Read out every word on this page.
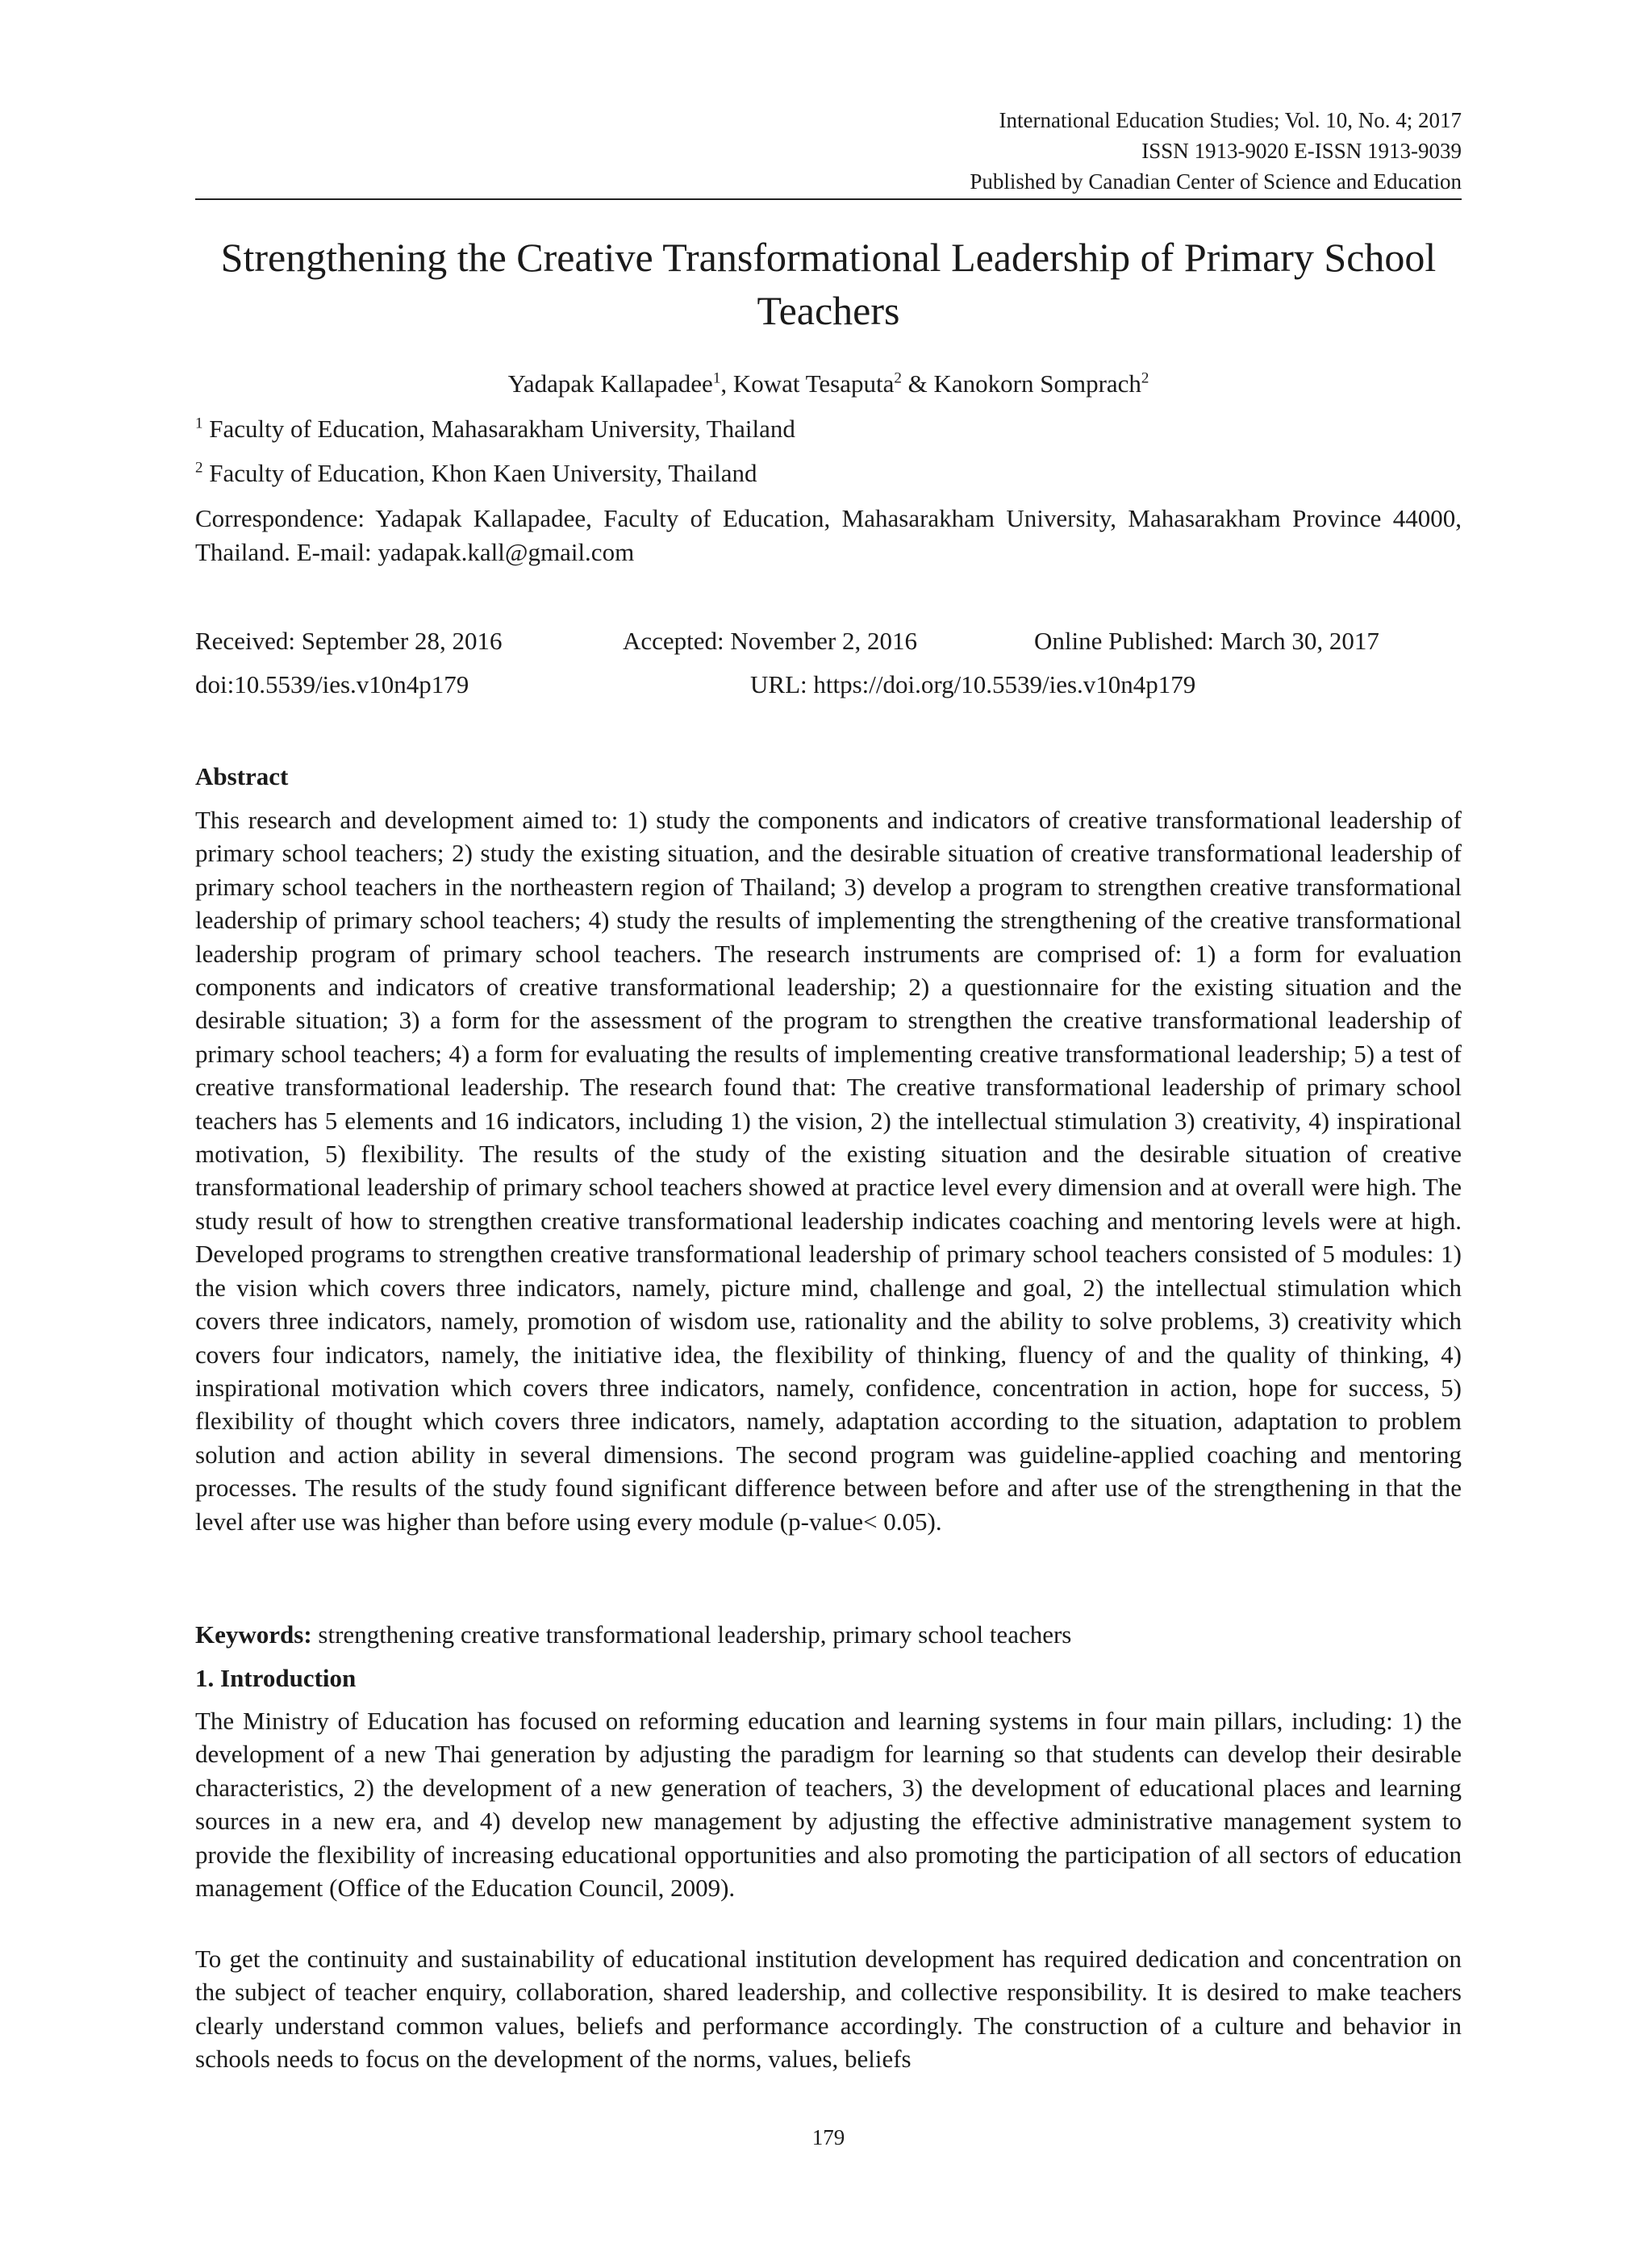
International Education Studies; Vol. 10, No. 4; 2017
ISSN 1913-9020 E-ISSN 1913-9039
Published by Canadian Center of Science and Education
Strengthening the Creative Transformational Leadership of Primary School Teachers
Yadapak Kallapadee$^1$, Kowat Tesaputa$^2$ & Kanokorn Somprach$^2$
$^1$ Faculty of Education, Mahasarakham University, Thailand
$^2$ Faculty of Education, Khon Kaen University, Thailand
Correspondence: Yadapak Kallapadee, Faculty of Education, Mahasarakham University, Mahasarakham Province 44000, Thailand. E-mail: yadapak.kall@gmail.com
Received: September 28, 2016	Accepted: November 2, 2016	Online Published: March 30, 2017
doi:10.5539/ies.v10n4p179	URL: https://doi.org/10.5539/ies.v10n4p179
Abstract
This research and development aimed to: 1) study the components and indicators of creative transformational leadership of primary school teachers; 2) study the existing situation, and the desirable situation of creative transformational leadership of primary school teachers in the northeastern region of Thailand; 3) develop a program to strengthen creative transformational leadership of primary school teachers; 4) study the results of implementing the strengthening of the creative transformational leadership program of primary school teachers. The research instruments are comprised of: 1) a form for evaluation components and indicators of creative transformational leadership; 2) a questionnaire for the existing situation and the desirable situation; 3) a form for the assessment of the program to strengthen the creative transformational leadership of primary school teachers; 4) a form for evaluating the results of implementing creative transformational leadership; 5) a test of creative transformational leadership. The research found that: The creative transformational leadership of primary school teachers has 5 elements and 16 indicators, including 1) the vision, 2) the intellectual stimulation 3) creativity, 4) inspirational motivation, 5) flexibility. The results of the study of the existing situation and the desirable situation of creative transformational leadership of primary school teachers showed at practice level every dimension and at overall were high. The study result of how to strengthen creative transformational leadership indicates coaching and mentoring levels were at high. Developed programs to strengthen creative transformational leadership of primary school teachers consisted of 5 modules: 1) the vision which covers three indicators, namely, picture mind, challenge and goal, 2) the intellectual stimulation which covers three indicators, namely, promotion of wisdom use, rationality and the ability to solve problems, 3) creativity which covers four indicators, namely, the initiative idea, the flexibility of thinking, fluency of and the quality of thinking, 4) inspirational motivation which covers three indicators, namely, confidence, concentration in action, hope for success, 5) flexibility of thought which covers three indicators, namely, adaptation according to the situation, adaptation to problem solution and action ability in several dimensions. The second program was guideline-applied coaching and mentoring processes. The results of the study found significant difference between before and after use of the strengthening in that the level after use was higher than before using every module (p-value< 0.05).
Keywords: strengthening creative transformational leadership, primary school teachers
1. Introduction
The Ministry of Education has focused on reforming education and learning systems in four main pillars, including: 1) the development of a new Thai generation by adjusting the paradigm for learning so that students can develop their desirable characteristics, 2) the development of a new generation of teachers, 3) the development of educational places and learning sources in a new era, and 4) develop new management by adjusting the effective administrative management system to provide the flexibility of increasing educational opportunities and also promoting the participation of all sectors of education management (Office of the Education Council, 2009).
To get the continuity and sustainability of educational institution development has required dedication and concentration on the subject of teacher enquiry, collaboration, shared leadership, and collective responsibility. It is desired to make teachers clearly understand common values, beliefs and performance accordingly. The construction of a culture and behavior in schools needs to focus on the development of the norms, values, beliefs
179
